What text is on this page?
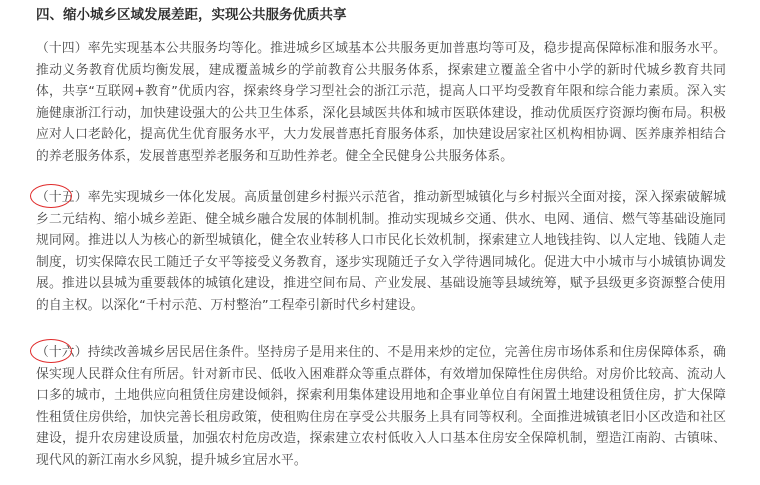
四、缩小城乡区域发展差距，实现公共服务优质共享
（十四）率先实现基本公共服务均等化。推进城乡区域基本公共服务更加普惠均等可及，稳步提高保障标准和服务水平。推动义务教育优质均衡发展，建成覆盖城乡的学前教育公共服务体系，探索建立覆盖全省中小学的新时代城乡教育共同体，共享“互联网+教育”优质内容，探索终身学习型社会的浙江示范，提高人口平均受教育年限和综合能力素质。深入实施健康浙江行动，加快建设强大的公共卫生体系，深化县域医共体和城市医联体建设，推动优质医疗资源均衡布局。积极应对人口老龄化，提高优生优育服务水平，大力发展普惠托育服务体系，加快建设居家社区机构相协调、医养康养相结合的养老服务体系，发展普惠型养老服务和互助性养老。健全全民健身公共服务体系。
（十五）
率先实现城乡一体化发展。高质量创建乡村振兴示范省，推动新型城镇化与乡村振兴全面对接，深入探索破解城乡二元结构、缩小城乡差距、健全城乡融合发展的体制机制。推动实现城乡交通、供水、电网、通信、燃气等基础设施同规同网。推进以人为核心的新型城镇化，健全农业转移人口市民化长效机制，探索建立人地钱挂钩、以人定地、钱随人走制度，切实保障农民工随迁子女平等接受义务教育，逐步实现随迁子女入学待遇同城化。促进大中小城市与小城镇协调发展。推进以县城为重要载体的城镇化建设，推进空间布局、产业发展、基础设施等县域统筹，赋予县级更多资源整合使用的自主权。以深化“千村示范、万村整治”工程牵引新时代乡村建设。
（十六）
持续改善城乡居民居住条件。坚持房子是用来住的、不是用来炒的定位，完善住房市场体系和住房保障体系，确保实现人民群众住有所居。针对新市民、低收入困难群众等重点群体，有效增加保障性住房供给。对房价比较高、流动人口多的城市，土地供应向租赁住房建设倾斜，探索利用集体建设用地和企事业单位自有闲置土地建设租赁住房，扩大保障性租赁住房供给，加快完善长租房政策，使租购住房在享受公共服务上具有同等权利。全面推进城镇老旧小区改造和社区建设，提升农房建设质量，加强农村危房改造，探索建立农村低收入人口基本住房安全保障机制，塑造江南韵、古镇味、现代风的新江南水乡风貌，提升城乡宜居水平。
